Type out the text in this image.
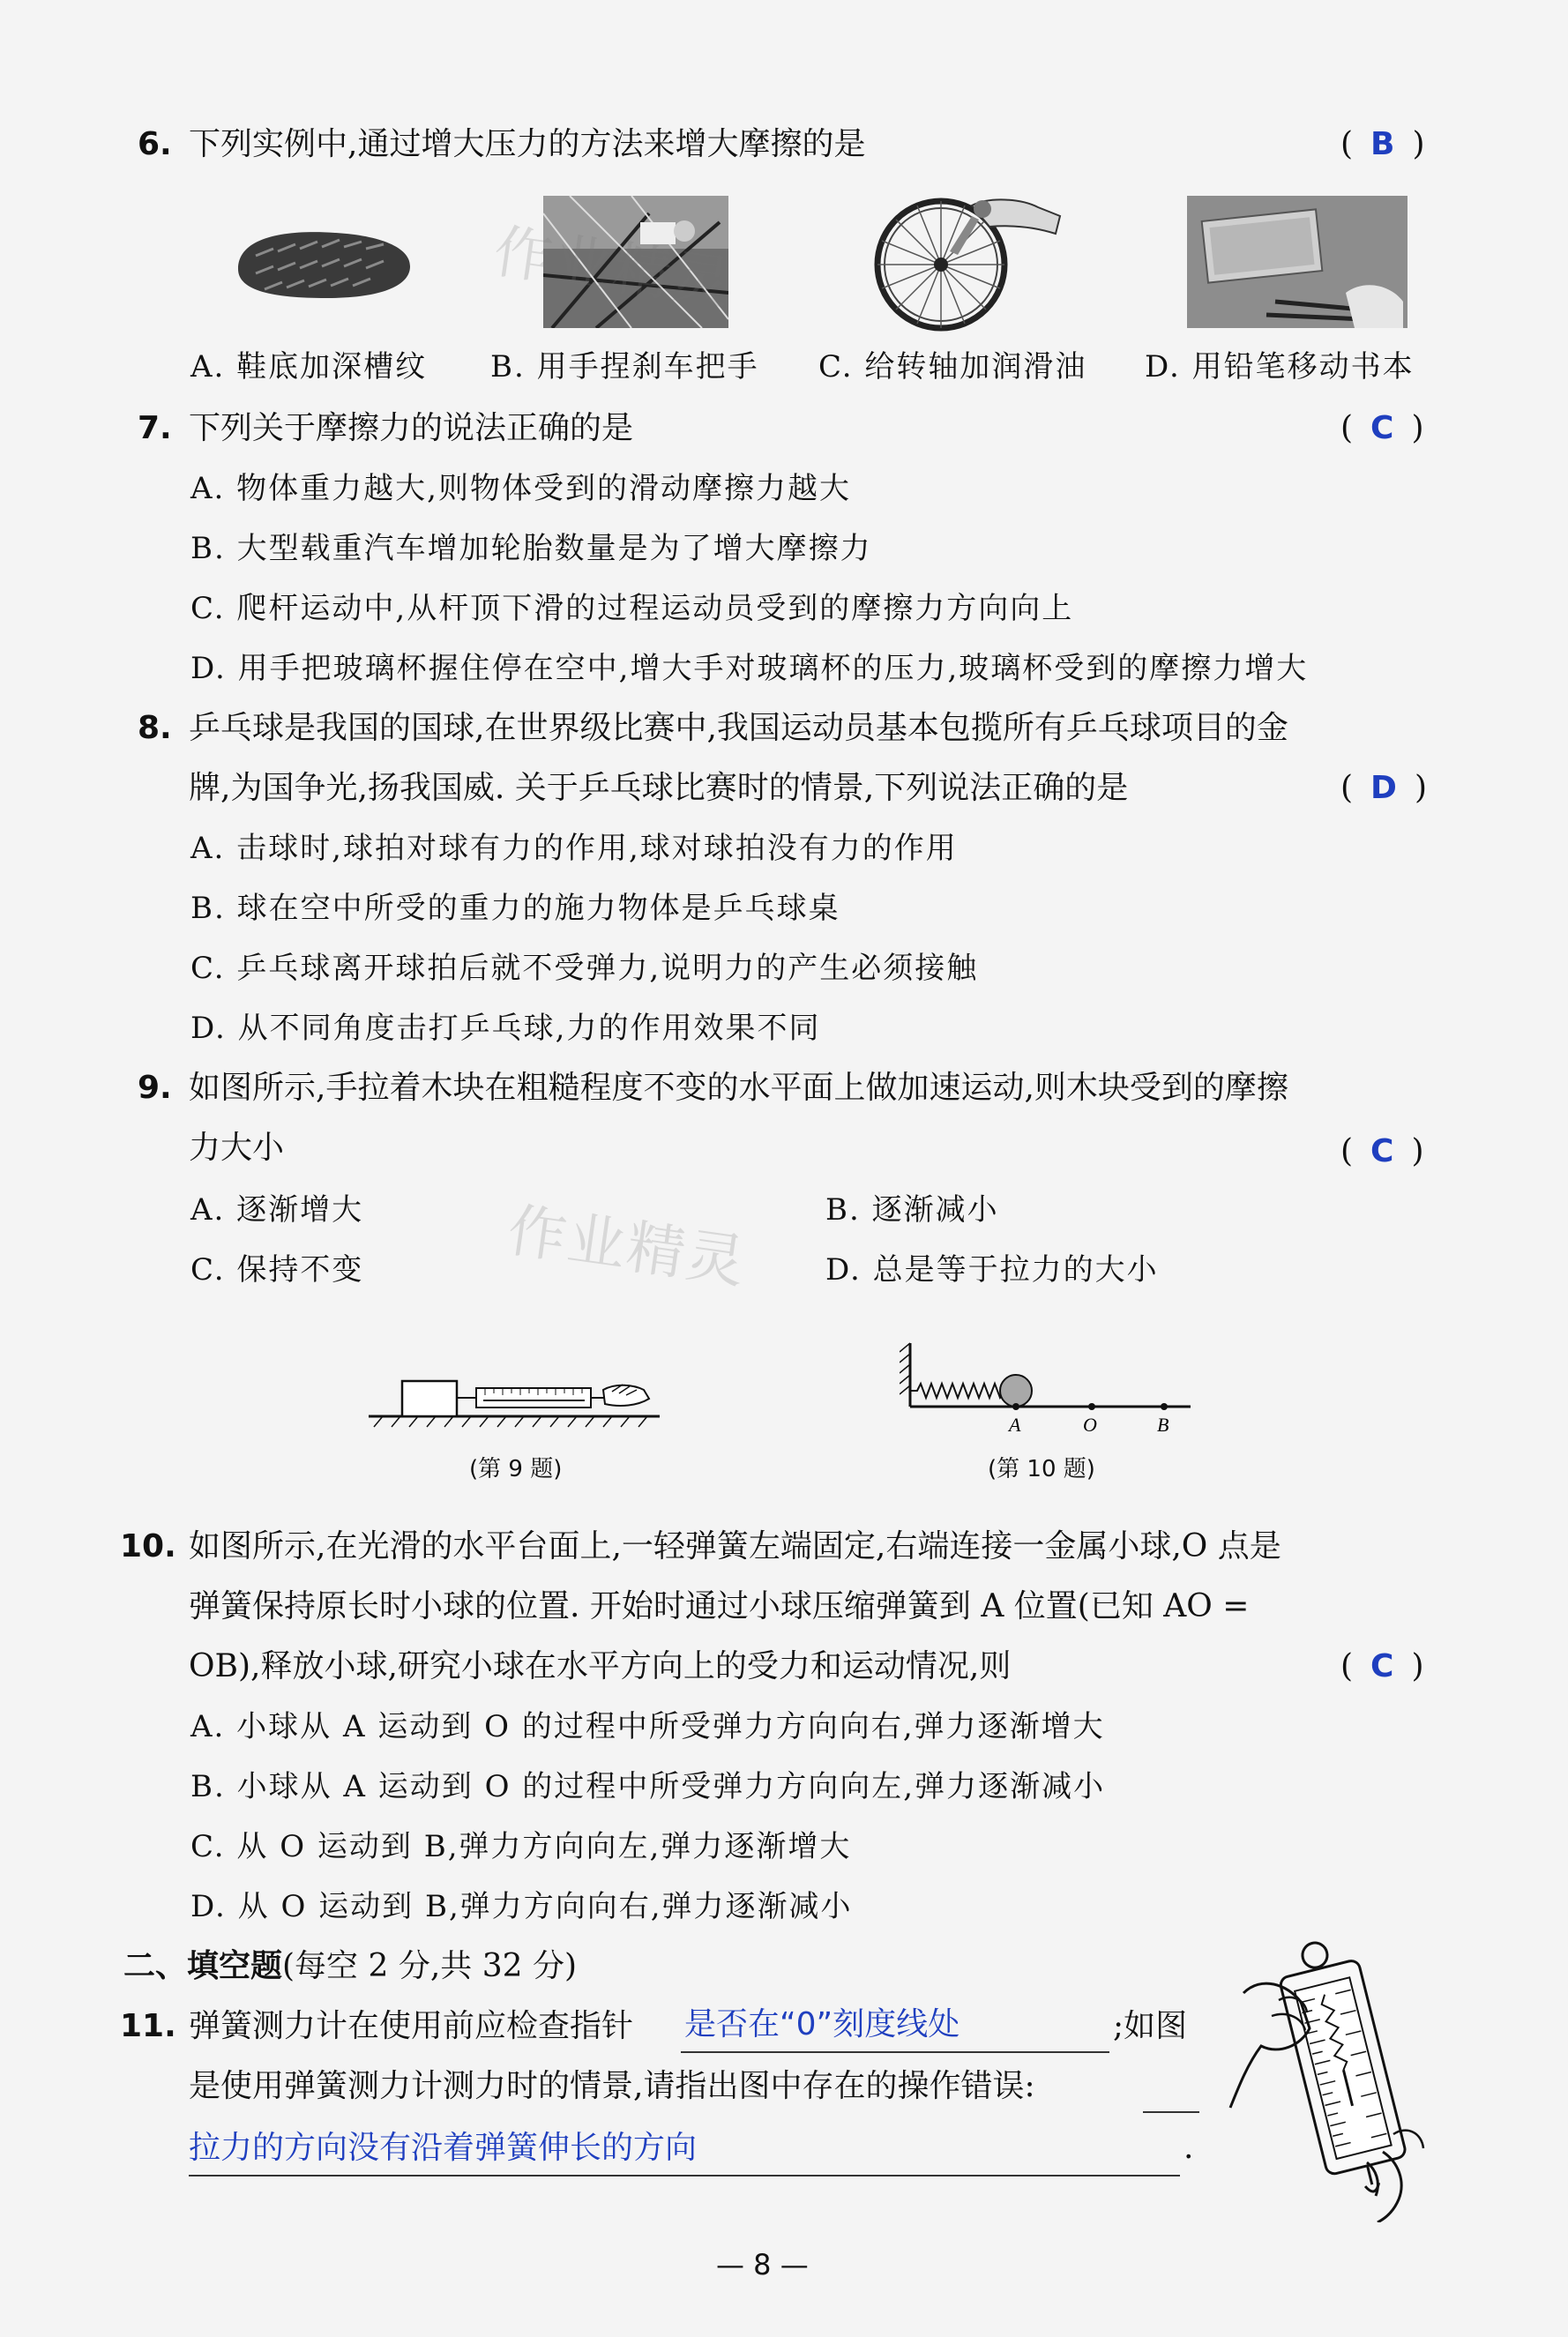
6. 下列实例中,通过增大压力的方法来增大摩擦的是	( B )
A. 鞋底加深槽纹 B. 用手捏刹车把手 C. 给转轴加润滑油 D. 用铅笔移动书本
作业精灵
7. 下列关于摩擦力的说法正确的是	( C )
A. 物体重力越大,则物体受到的滑动摩擦力越大
B. 大型载重汽车增加轮胎数量是为了增大摩擦力
C. 爬杆运动中,从杆顶下滑的过程运动员受到的摩擦力方向向上
D. 用手把玻璃杯握住停在空中,增大手对玻璃杯的压力,玻璃杯受到的摩擦力增大
8. 乒乓球是我国的国球,在世界级比赛中,我国运动员基本包揽所有乒乓球项目的金
牌,为国争光,扬我国威. 关于乒乓球比赛时的情景,下列说法正确的是	( D )
A. 击球时,球拍对球有力的作用,球对球拍没有力的作用
B. 球在空中所受的重力的施力物体是乒乓球桌
C. 乒乓球离开球拍后就不受弹力,说明力的产生必须接触
D. 从不同角度击打乒乓球,力的作用效果不同
9. 如图所示,手拉着木块在粗糙程度不变的水平面上做加速运动,则木块受到的摩擦
力大小	( C )
A. 逐渐增大	B. 逐渐减小
C. 保持不变	D. 总是等于拉力的大小
作业精灵
(第 9 题)
A	O	B
(第 10 题)
10. 如图所示,在光滑的水平台面上,一轻弹簧左端固定,右端连接一金属小球,O 点是
弹簧保持原长时小球的位置. 开始时通过小球压缩弹簧到 A 位置(已知 AO =
OB),释放小球,研究小球在水平方向上的受力和运动情况,则	( C )
A. 小球从 A 运动到 O 的过程中所受弹力方向向右,弹力逐渐增大
B. 小球从 A 运动到 O 的过程中所受弹力方向向左,弹力逐渐减小
C. 从 O 运动到 B,弹力方向向左,弹力逐渐增大
D. 从 O 运动到 B,弹力方向向右,弹力逐渐减小
二、填空题(每空 2 分,共 32 分)
11. 弹簧测力计在使用前应检查指针 是否在“0”刻度线处	;如图
是使用弹簧测力计测力时的情景,请指出图中存在的操作错误:
拉力的方向没有沿着弹簧伸长的方向	.
— 8 —
